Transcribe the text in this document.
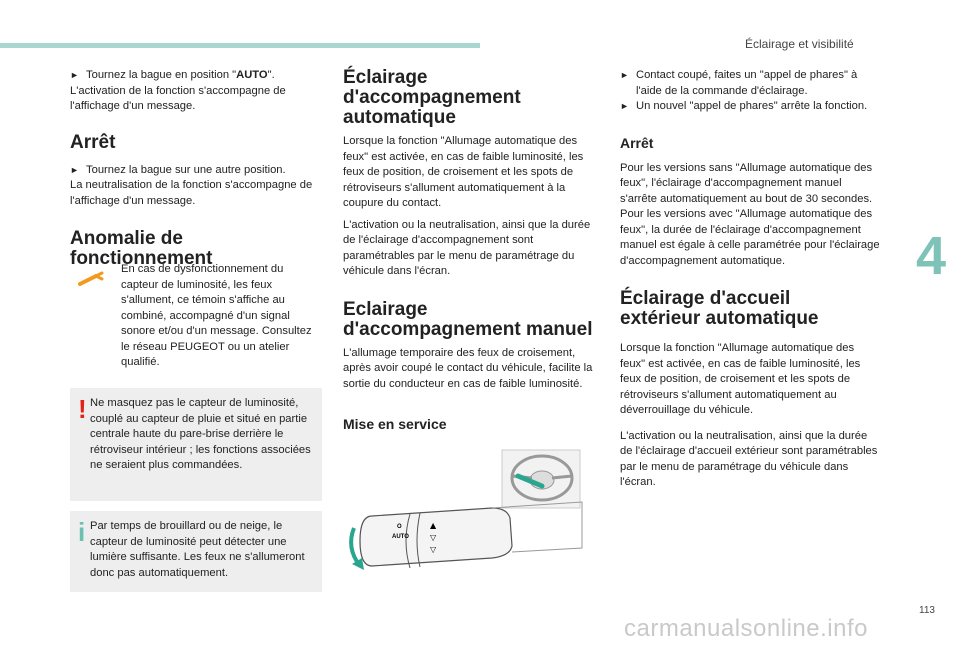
Éclairage et visibilité

► Tournez la bague en position "AUTO".

L'activation de la fonction s'accompagne de l'affichage d'un message.

Arrêt

► Tournez la bague sur une autre position.

La neutralisation de la fonction s'accompagne de l'affichage d'un message.

Anomalie de
fonctionnement
En cas de dysfonctionnement du capteur de luminosité, les feux s'allument, ce témoin s'affiche au combiné, accompagné d'un signal sonore et/ou d'un message. Consultez le réseau PEUGEOT ou un atelier qualifié.
! Ne masquez pas le capteur de luminosité, couplé au capteur de pluie et situé en partie centrale haute du pare-brise derrière le rétroviseur intérieur ; les fonctions associées ne seraient plus commandées.
i Par temps de brouillard ou de neige, le capteur de luminosité peut détecter une lumière suffisante. Les feux ne s'allumeront donc pas automatiquement.
Éclairage
d'accompagnement
automatique

Lorsque la fonction "Allumage automatique des feux" est activée, en cas de faible luminosité, les feux de position, de croisement et les spots de rétroviseurs s'allument automatiquement à la coupure du contact.

L'activation ou la neutralisation, ainsi que la durée de l'éclairage d'accompagnement sont paramétrables par le menu de paramétrage du véhicule dans l'écran.

Eclairage
d'accompagnement manuel

L'allumage temporaire des feux de croisement, après avoir coupé le contact du véhicule, facilite la sortie du conducteur en cas de faible luminosité.

Mise en service
O
AUTO
▲
▽
▽

► Contact coupé, faites un "appel de phares" à l'aide de la commande d'éclairage.

► Un nouvel "appel de phares" arrête la fonction.

Arrêt

Pour les versions sans "Allumage automatique des feux", l'éclairage d'accompagnement manuel s'arrête automatiquement au bout de 30 secondes.

Pour les versions avec "Allumage automatique des feux", la durée de l'éclairage d'accompagnement manuel est égale à celle paramétrée pour l'éclairage d'accompagnement automatique.

Éclairage d'accueil
extérieur automatique

Lorsque la fonction "Allumage automatique des feux" est activée, en cas de faible luminosité, les feux de position, de croisement et les spots de rétroviseurs s'allument automatiquement au déverrouillage du véhicule.

L'activation ou la neutralisation, ainsi que la durée de l'éclairage d'accueil extérieur sont paramétrables par le menu de paramétrage du véhicule dans l'écran.

4
113
carmanualsonline.info
